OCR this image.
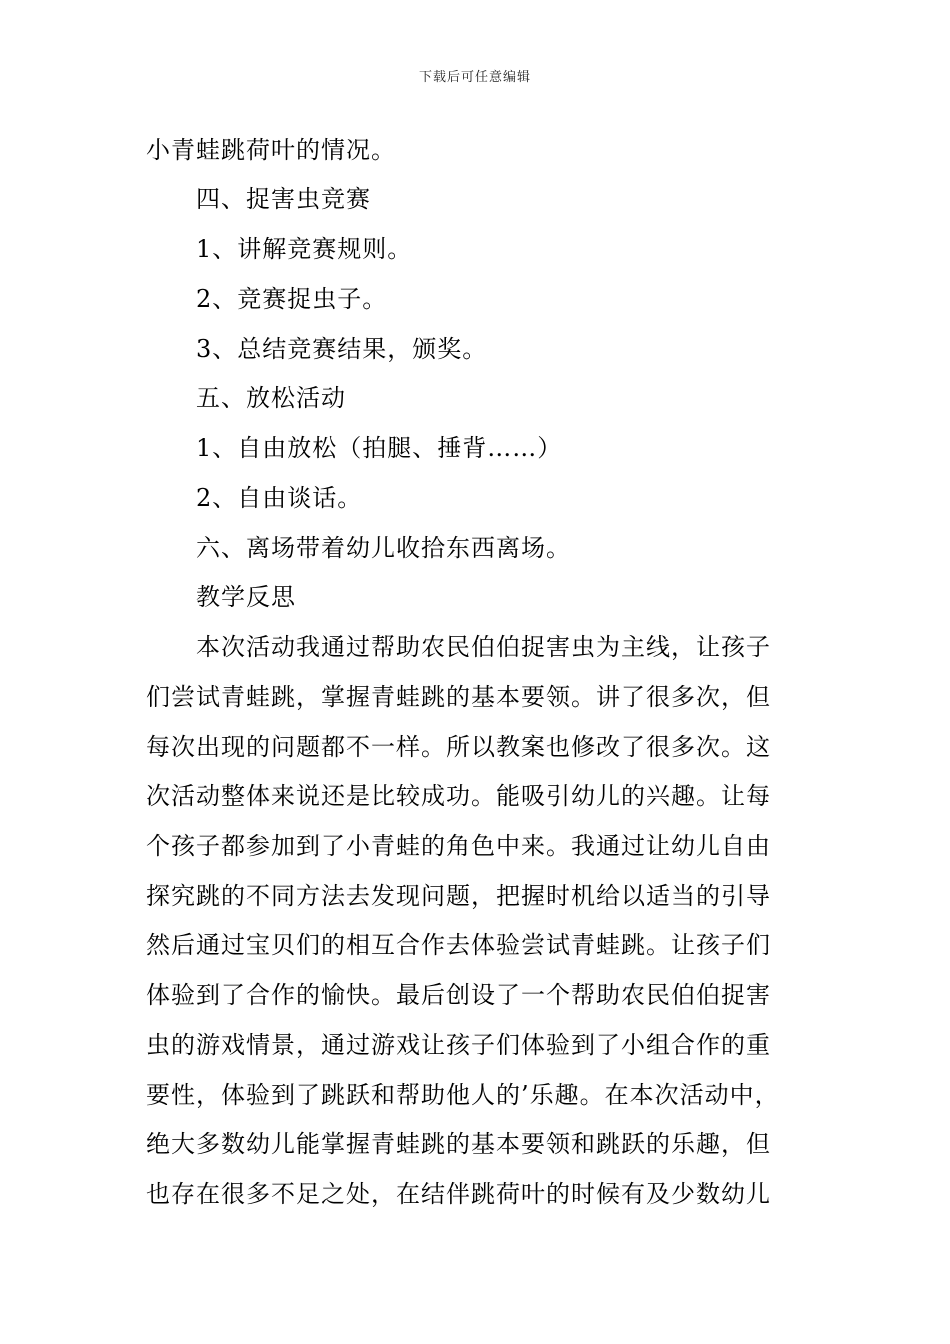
下载后可任意编辑
小青蛙跳荷叶的情况。
四、捉害虫竞赛
1、讲解竞赛规则。
2、竞赛捉虫子。
3、总结竞赛结果，颁奖。
五、放松活动
1、自由放松（拍腿、捶背……）
2、自由谈话。
六、离场带着幼儿收拾东西离场。
教学反思
本次活动我通过帮助农民伯伯捉害虫为主线，让孩子
们尝试青蛙跳，掌握青蛙跳的基本要领。讲了很多次，但
每次出现的问题都不一样。所以教案也修改了很多次。这
次活动整体来说还是比较成功。能吸引幼儿的兴趣。让每
个孩子都参加到了小青蛙的角色中来。我通过让幼儿自由
探究跳的不同方法去发现问题，把握时机给以适当的引导
然后通过宝贝们的相互合作去体验尝试青蛙跳。让孩子们
体验到了合作的愉快。最后创设了一个帮助农民伯伯捉害
虫的游戏情景，通过游戏让孩子们体验到了小组合作的重
要性，体验到了跳跃和帮助他人的’乐趣。在本次活动中，
绝大多数幼儿能掌握青蛙跳的基本要领和跳跃的乐趣，但
也存在很多不足之处，在结伴跳荷叶的时候有及少数幼儿
